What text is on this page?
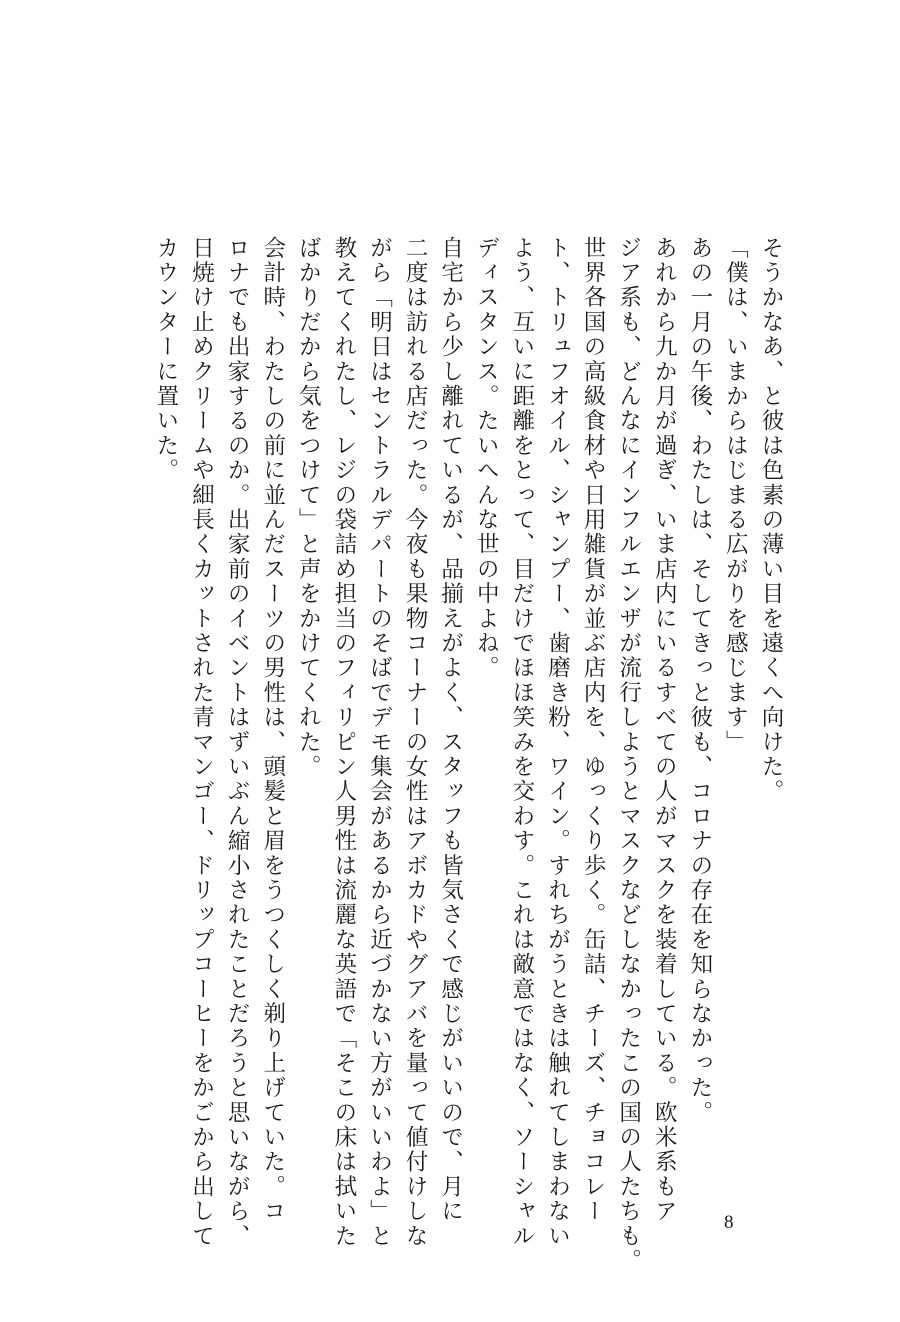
そうかなあ、と彼は色素の薄い目を遠くへ向けた。
「僕は、いまからはじまる広がりを感じます」
あの一月の午後、わたしは、そしてきっと彼も、コロナの存在を知らなかった。
あれから九か月が過ぎ、いま店内にいるすべての人がマスクを装着している。欧米系もア
ジア系も、どんなにインフルエンザが流行しようとマスクなどしなかったこの国の人たちも。
世界各国の高級食材や日用雑貨が並ぶ店内を、ゆっくり歩く。缶詰、チーズ、チョコレー
ト、トリュフオイル、シャンプー、歯磨き粉、ワイン。すれちがうときは触れてしまわない
よう、互いに距離をとって、目だけでほほ笑みを交わす。これは敵意ではなく、ソーシャル
ディスタンス。たいへんな世の中よね。
自宅から少し離れているが、品揃えがよく、スタッフも皆気さくで感じがいいので、月に
二度は訪れる店だった。今夜も果物コーナーの女性はアボカドやグアバを量って値付けしな
がら「明日はセントラルデパートのそばでデモ集会があるから近づかない方がいいわよ」と
教えてくれたし、レジの袋詰め担当のフィリピン人男性は流麗な英語で「そこの床は拭いた
ばかりだから気をつけて」と声をかけてくれた。
会計時、わたしの前に並んだスーツの男性は、頭髪と眉をうつくしく剃り上げていた。コ
ロナでも出家するのか。出家前のイベントはずいぶん縮小されたことだろうと思いながら、
日焼け止めクリームや細長くカットされた青マンゴー、ドリップコーヒーをかごから出して
カウンターに置いた。
8
